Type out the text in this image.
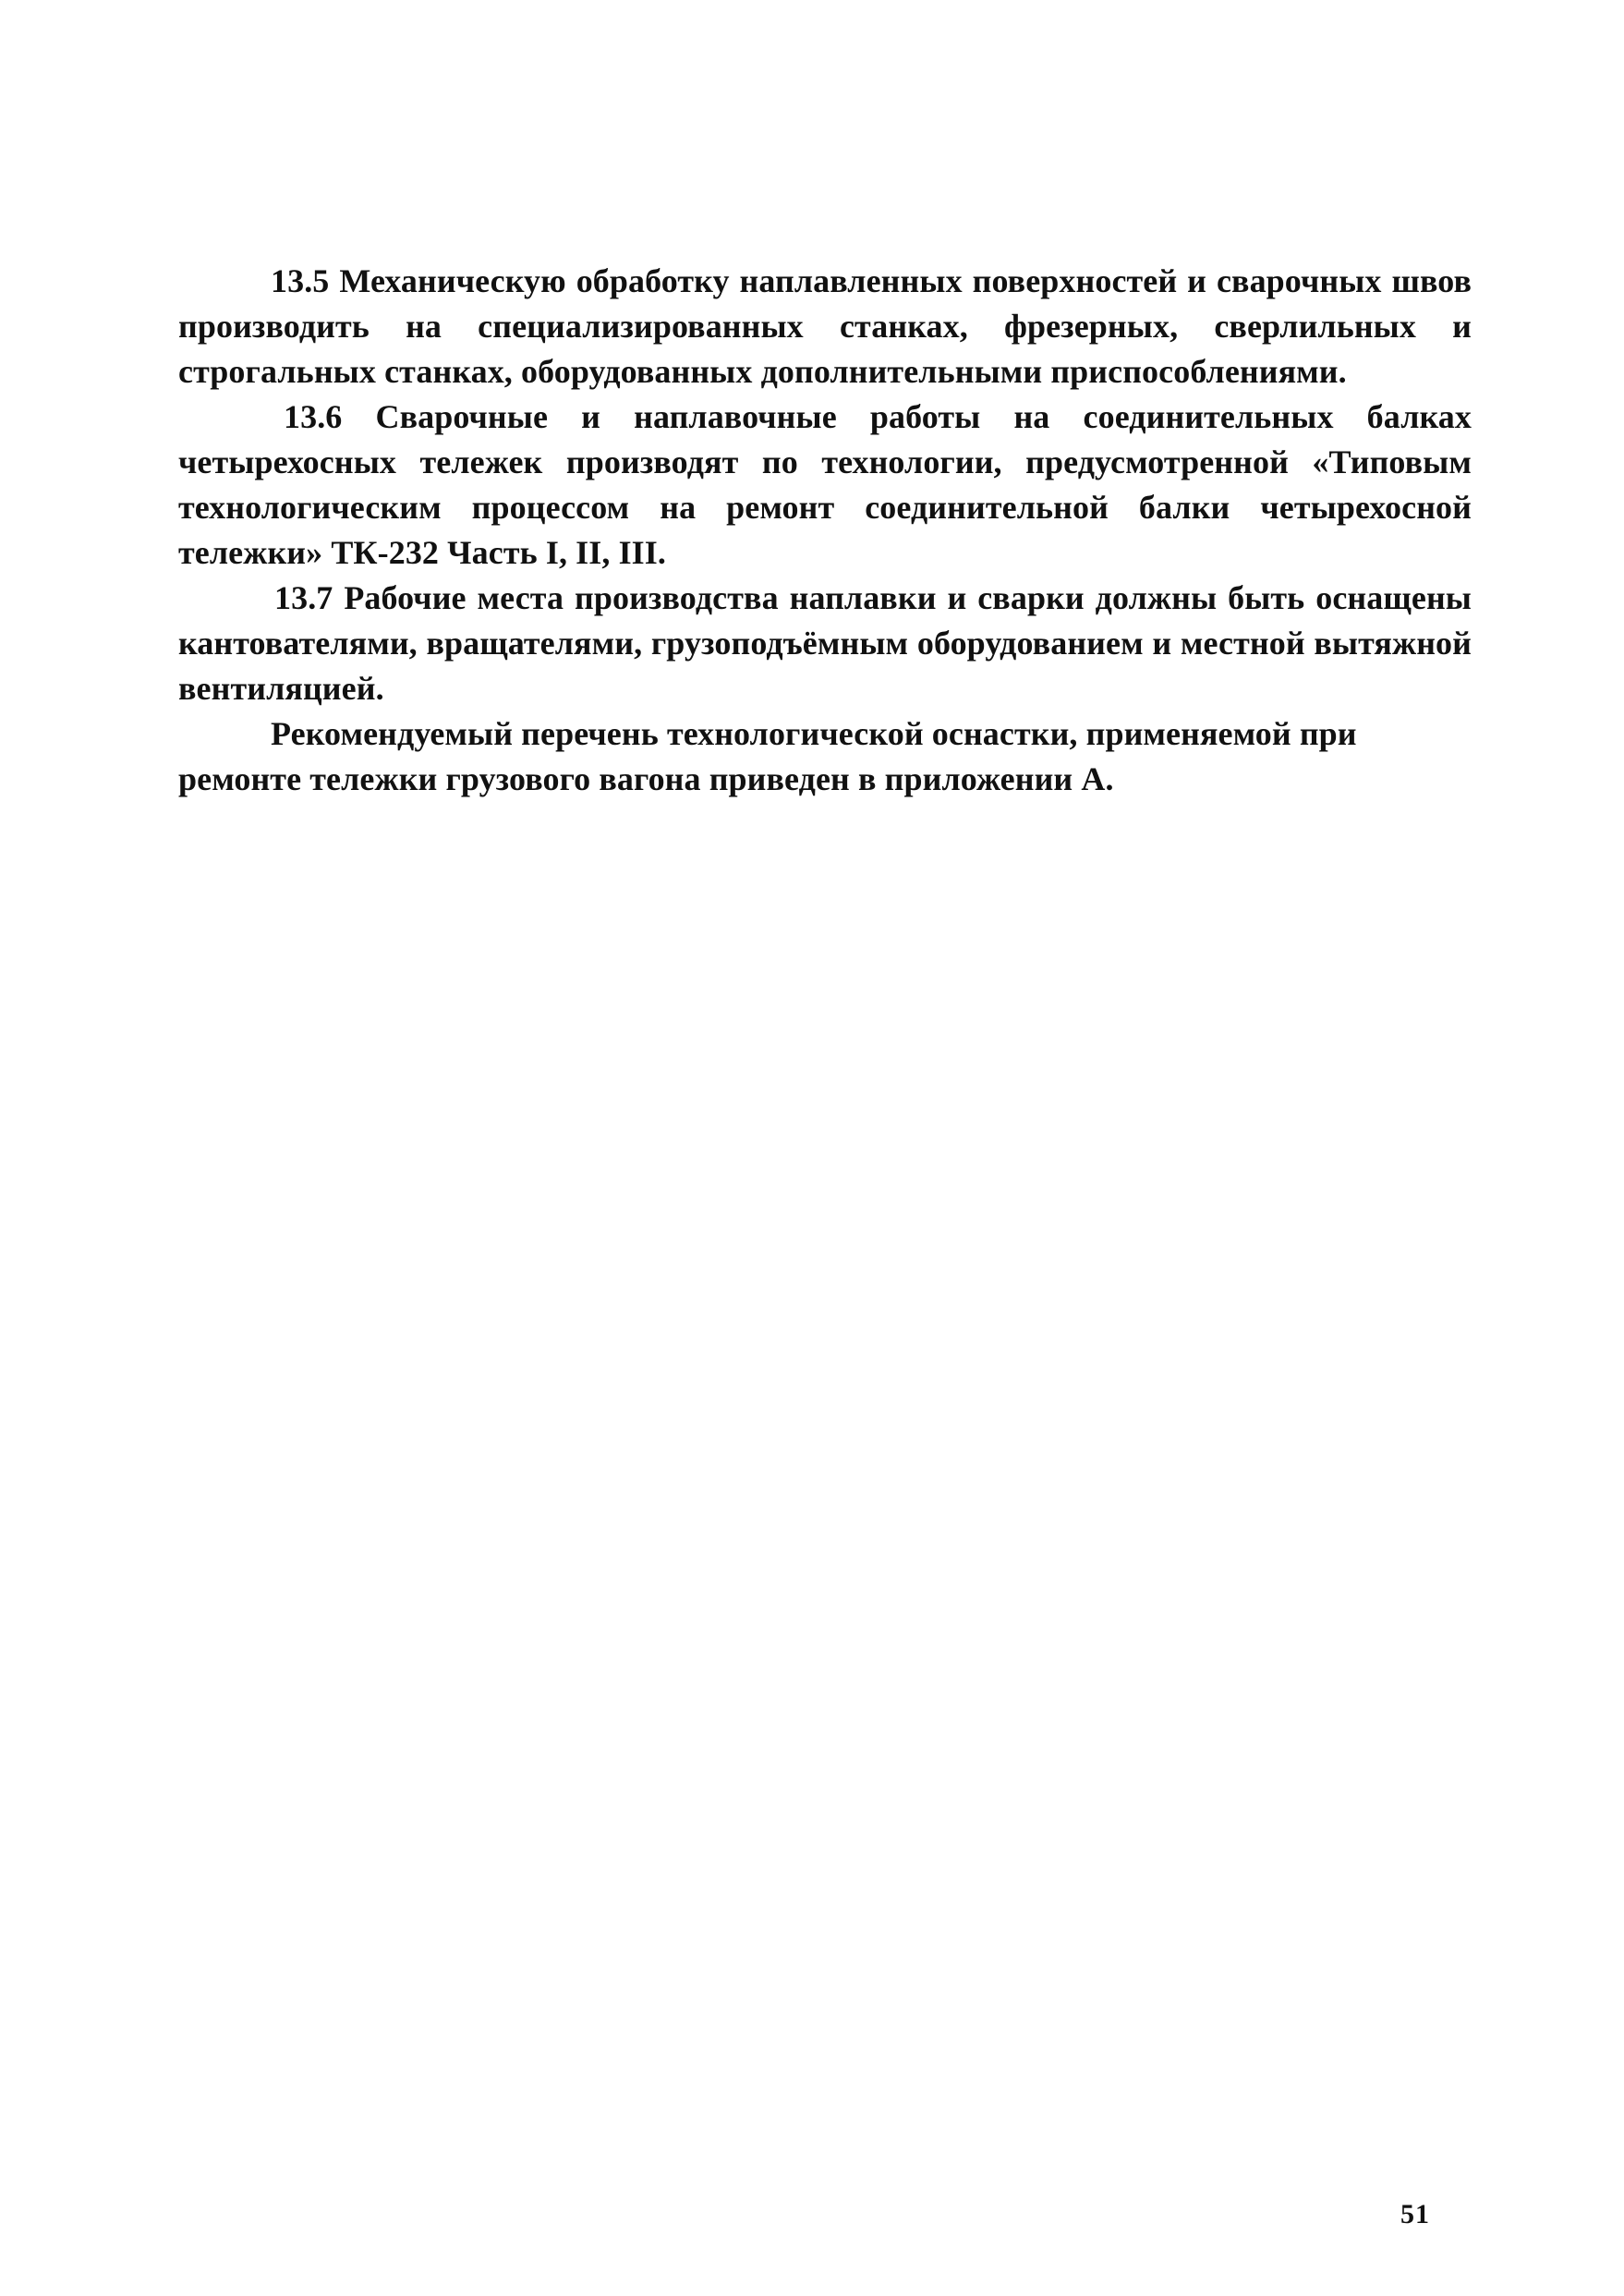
13.5 Механическую обработку наплавленных поверхностей и сварочных швов производить на специализированных станках, фрезерных, сверлильных и строгальных станках, оборудованных дополнительными приспособлениями.

13.6 Сварочные и наплавочные работы на соединительных балках четырехосных тележек производят по технологии, предусмотренной «Типовым технологическим процессом на ремонт соединительной балки четырехосной тележки» ТК-232 Часть I, II, III.

13.7 Рабочие места производства наплавки и сварки должны быть оснащены кантователями, вращателями, грузоподъёмным оборудованием и местной вытяжной вентиляцией.

Рекомендуемый перечень технологической оснастки, применяемой при ремонте тележки грузового вагона приведен в приложении А.

51
